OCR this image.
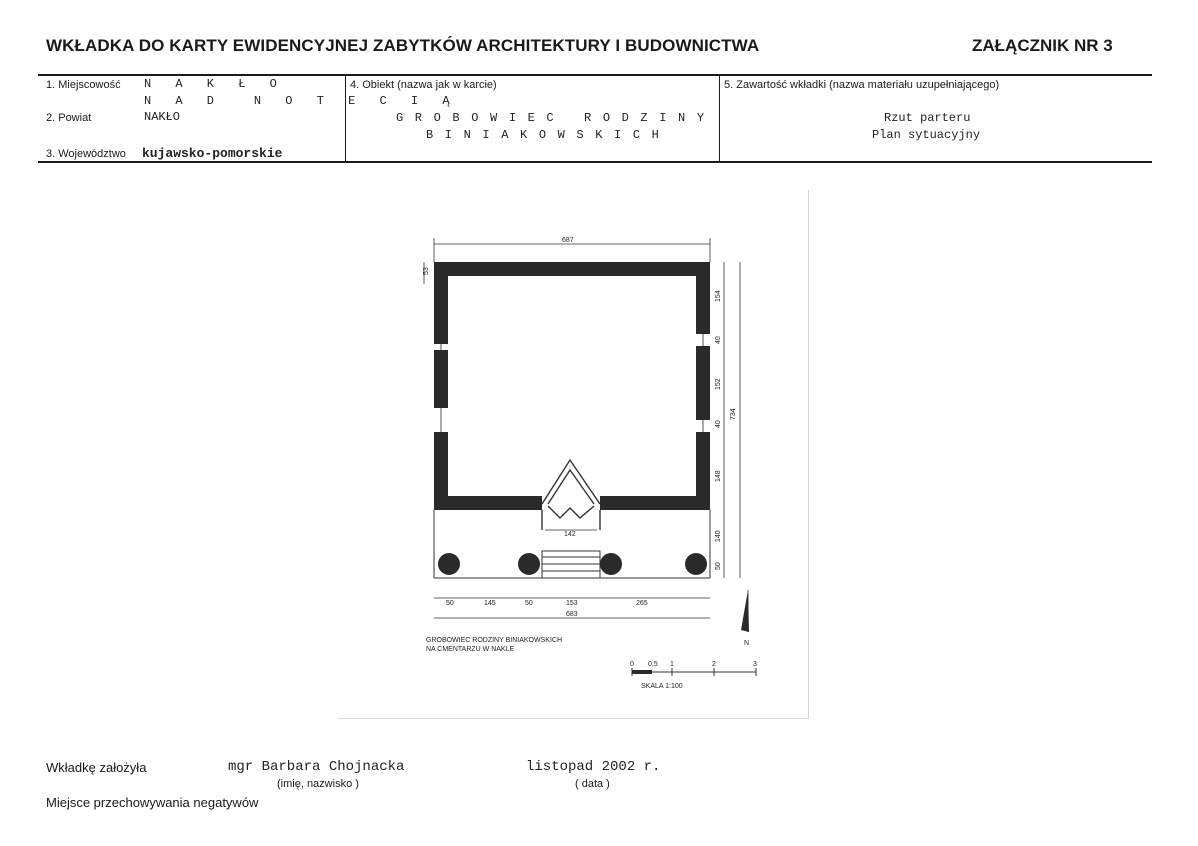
WKŁADKA DO KARTY EWIDENCYJNEJ ZABYTKÓW ARCHITEKTURY I BUDOWNICTWA	ZAŁĄCZNIK NR 3
1. Miejscowość N A K Ł O
N A D  N O T E C I Ą
2. Powiat	NAKŁO
3. Województwo kujawsko-pomorskie
4. Obiekt (nazwa jak w karcie)
G R O B O W I E C   R O D Z I N Y
B I N I A K O W S K I C H
5. Zawartość wkładki (nazwa materiału uzupełniającego)
Rzut parteru
Plan sytuacyjny
687
53
734
154
40
152
40
148
140
50
142
50	145	50	153	265
683
GROBOWIEC RODZINY BINIAKOWSKICH
NA CMENTARZU W NAKLE
N
0 0,5 1	2	3
SKALA 1:100
Wkładkę założyła	mgr Barbara Chojnacka
(imię, nazwisko )
listopad 2002 r.
( data )
Miejsce przechowywania negatywów
